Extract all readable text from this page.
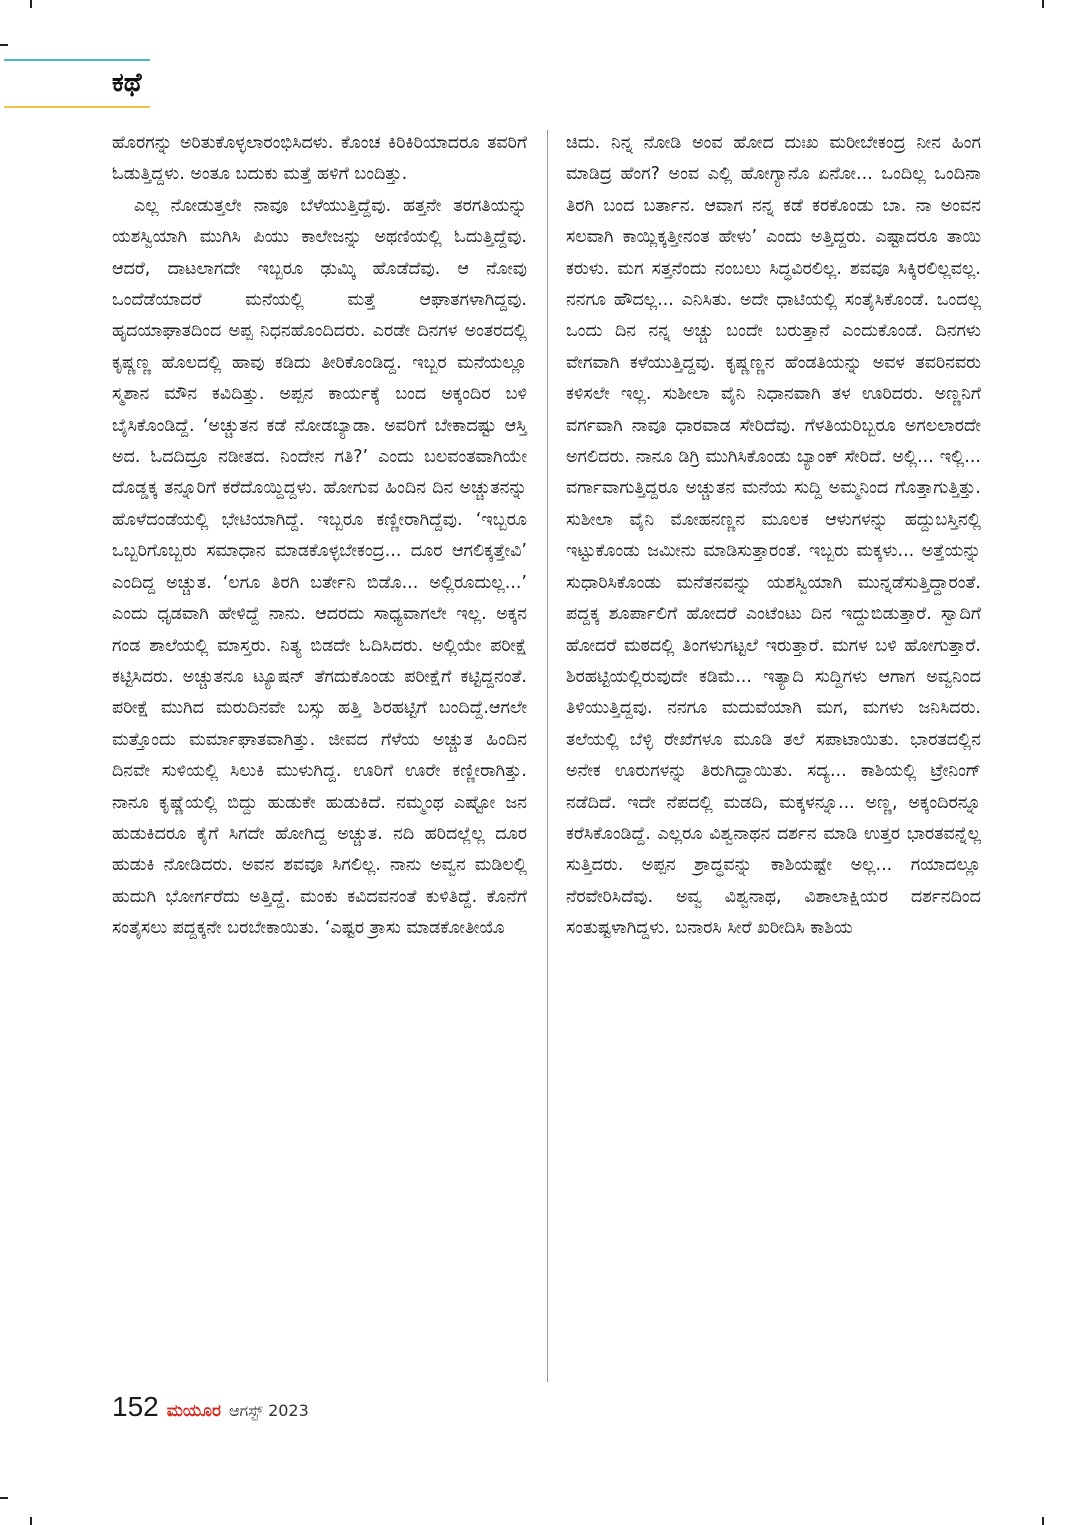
ಕಥೆ

ಹೊರಗನ್ನು ಅರಿತುಕೊಳ್ಳಲಾರಂಭಿಸಿದಳು. ಕೊಂಚ ಕಿರಿಕಿರಿಯಾದರೂ ತವರಿಗೆ ಓಡುತ್ತಿದ್ದಳು. ಅಂತೂ ಬದುಕು ಮತ್ತೆ ಹಳಿಗೆ ಬಂದಿತ್ತು.

ಎಲ್ಲ ನೋಡುತ್ತಲೇ ನಾವೂ ಬೆಳೆಯುತ್ತಿದ್ದೆವು. ಹತ್ತನೇ ತರಗತಿಯನ್ನು ಯಶಸ್ವಿಯಾಗಿ ಮುಗಿಸಿ ಪಿಯು ಕಾಲೇಜನ್ನು ಅಥಣಿಯಲ್ಲಿ ಓದುತ್ತಿದ್ದೆವು. ಆದರೆ, ದಾಟಲಾಗದೇ ಇಬ್ಬರೂ ಢುಮ್ಕಿ ಹೊಡೆದೆವು. ಆ ನೋವು ಒಂದೆಡೆಯಾದರೆ ಮನೆಯಲ್ಲಿ ಮತ್ತೆ ಆಘಾತಗಳಾಗಿದ್ದವು. ಹೃದಯಾಘಾತದಿಂದ ಅಪ್ಪ ನಿಧನಹೊಂದಿದರು. ಎರಡೇ ದಿನಗಳ ಅಂತರದಲ್ಲಿ ಕೃಷ್ಣಣ್ಣ ಹೊಲದಲ್ಲಿ ಹಾವು ಕಡಿದು ತೀರಿಕೊಂಡಿದ್ದ. ಇಬ್ಬರ ಮನೆಯಲ್ಲೂ ಸ್ಮಶಾನ ಮೌನ ಕವಿದಿತ್ತು. ಅಪ್ಪನ ಕಾರ್ಯಕ್ಕೆ ಬಂದ ಅಕ್ಕಂದಿರ ಬಳಿ ಬೈಸಿಕೊಂಡಿದ್ದೆ. ‘ಅಚ್ಚುತನ ಕಡೆ ನೋಡಬ್ಯಾಡಾ. ಅವರಿಗೆ ಬೇಕಾದಷ್ಟು ಆಸ್ತಿ ಅದ. ಓದದಿದ್ರೂ ನಡೀತದ. ನಿಂದೇನ ಗತಿ?’ ಎಂದು ಬಲವಂತವಾಗಿಯೇ ದೊಡ್ಡಕ್ಕ ತನ್ನೂರಿಗೆ ಕರೆದೊಯ್ದಿದ್ದಳು. ಹೋಗುವ ಹಿಂದಿನ ದಿನ ಅಚ್ಚುತನನ್ನು ಹೊಳೆದಂಡೆಯಲ್ಲಿ ಭೇಟಿಯಾಗಿದ್ದೆ. ಇಬ್ಬರೂ ಕಣ್ಣೀರಾಗಿದ್ದೆವು. ‘ಇಬ್ಬರೂ ಒಬ್ಬರಿಗೊಬ್ಬರು ಸಮಾಧಾನ ಮಾಡಕೊಳ್ಳಬೇಕಂದ್ರ... ದೂರ ಆಗಲಿಕ್ಕತ್ತೇವಿ’ ಎಂದಿದ್ದ ಅಚ್ಚುತ. ‘ಲಗೂ ತಿರಗಿ ಬರ್ತೇನಿ ಬಿಡೊ... ಅಲ್ಲಿರೂದುಲ್ಲ...’ ಎಂದು ಧೃಡವಾಗಿ ಹೇಳಿದ್ದೆ ನಾನು. ಆದರದು ಸಾಧ್ಯವಾಗಲೇ ಇಲ್ಲ. ಅಕ್ಕನ ಗಂಡ ಶಾಲೆಯಲ್ಲಿ ಮಾಸ್ತರು. ನಿತ್ಯ ಬಿಡದೇ ಓದಿಸಿದರು. ಅಲ್ಲಿಯೇ ಪರೀಕ್ಷೆ ಕಟ್ಟಿಸಿದರು. ಅಚ್ಚುತನೂ ಟ್ಯೂಷನ್ ತೆಗದುಕೊಂಡು ಪರೀಕ್ಷೆಗೆ ಕಟ್ಟಿದ್ದನಂತೆ. ಪರೀಕ್ಷೆ ಮುಗಿದ ಮರುದಿನವೇ ಬಸ್ಸು ಹತ್ತಿ ಶಿರಹಟ್ಟಿಗೆ ಬಂದಿದ್ದೆ.ಆಗಲೇ ಮತ್ತೊಂದು ಮರ್ಮಾಘಾತವಾಗಿತ್ತು. ಜೀವದ ಗೆಳೆಯ ಅಚ್ಚುತ ಹಿಂದಿನ ದಿನವೇ ಸುಳಿಯಲ್ಲಿ ಸಿಲುಕಿ ಮುಳುಗಿದ್ದ. ಊರಿಗೆ ಊರೇ ಕಣ್ಣೀರಾಗಿತ್ತು. ನಾನೂ ಕೃಷ್ಣೆಯಲ್ಲಿ ಬಿದ್ದು ಹುಡುಕೇ ಹುಡುಕಿದೆ. ನಮ್ಮಂಥ ಎಷ್ಟೋ ಜನ ಹುಡುಕಿದರೂ ಕೈಗೆ ಸಿಗದೇ ಹೋಗಿದ್ದ ಅಚ್ಚುತ. ನದಿ ಹರಿದಲ್ಲೆಲ್ಲ ದೂರ ಹುಡುಕಿ ನೋಡಿದರು. ಅವನ ಶವವೂ ಸಿಗಲಿಲ್ಲ. ನಾನು ಅವ್ವನ ಮಡಿಲಲ್ಲಿ ಹುದುಗಿ ಭೋರ್ಗರೆದು ಅತ್ತಿದ್ದೆ. ಮಂಕು ಕವಿದವನಂತೆ ಕುಳಿತಿದ್ದೆ. ಕೊನೆಗೆ ಸಂತೈಸಲು ಪದ್ದಕ್ಕನೇ ಬರಬೇಕಾಯಿತು. ‘ಎಷ್ಟರ ತ್ರಾಸು ಮಾಡಕೋತೀಯೊ

ಚಿದು. ನಿನ್ನ ನೋಡಿ ಅಂವ ಹೋದ ದುಃಖ ಮರೀಬೇಕಂದ್ರ ನೀನ ಹಿಂಗ ಮಾಡಿದ್ರ ಹೆಂಗ? ಅಂವ ಎಲ್ಲಿ ಹೋಗ್ಯಾನೊ ಏನೋ... ಒಂದಿಲ್ಲ ಒಂದಿನಾ ತಿರಗಿ ಬಂದ ಬರ್ತಾನ. ಆವಾಗ ನನ್ನ ಕಡೆ ಕರಕೊಂಡು ಬಾ. ನಾ ಅಂವನ ಸಲವಾಗಿ ಕಾಯ್ಲಿಕ್ಕತ್ತೀನಂತ ಹೇಳು’ ಎಂದು ಅತ್ತಿದ್ದರು. ಎಷ್ಟಾದರೂ ತಾಯಿ ಕರುಳು. ಮಗ ಸತ್ತನೆಂದು ನಂಬಲು ಸಿದ್ಧವಿರಲಿಲ್ಲ. ಶವವೂ ಸಿಕ್ಕಿರಲಿಲ್ಲವಲ್ಲ. ನನಗೂ ಹೌದಲ್ಲ... ಎನಿಸಿತು. ಅದೇ ಧಾಟಿಯಲ್ಲಿ ಸಂತೈಸಿಕೊಂಡೆ. ಒಂದಲ್ಲ ಒಂದು ದಿನ ನನ್ನ ಅಚ್ಚು ಬಂದೇ ಬರುತ್ತಾನೆ ಎಂದುಕೊಂಡೆ. ದಿನಗಳು ವೇಗವಾಗಿ ಕಳೆಯುತ್ತಿದ್ದವು. ಕೃಷ್ಣಣ್ಣನ ಹೆಂಡತಿಯನ್ನು ಅವಳ ತವರಿನವರು ಕಳಿಸಲೇ ಇಲ್ಲ. ಸುಶೀಲಾ ವೈನಿ ನಿಧಾನವಾಗಿ ತಳ ಊರಿದರು. ಅಣ್ಣನಿಗೆ ವರ್ಗವಾಗಿ ನಾವೂ ಧಾರವಾಡ ಸೇರಿದೆವು. ಗೆಳತಿಯರಿಬ್ಬರೂ ಅಗಲಲಾರದೇ ಅಗಲಿದರು. ನಾನೂ ಡಿಗ್ರಿ ಮುಗಿಸಿಕೊಂಡು ಬ್ಯಾಂಕ್ ಸೇರಿದೆ. ಅಲ್ಲಿ... ಇಲ್ಲಿ... ವರ್ಗಾವಾಗುತ್ತಿದ್ದರೂ ಅಚ್ಚುತನ ಮನೆಯ ಸುದ್ದಿ ಅಮ್ಮನಿಂದ ಗೊತ್ತಾಗುತ್ತಿತ್ತು. ಸುಶೀಲಾ ವೈನಿ ಮೋಹನಣ್ಣನ ಮೂಲಕ ಆಳುಗಳನ್ನು ಹದ್ದುಬಸ್ತಿನಲ್ಲಿ ಇಟ್ಟುಕೊಂಡು ಜಮೀನು ಮಾಡಿಸುತ್ತಾರಂತೆ. ಇಬ್ಬರು ಮಕ್ಕಳು... ಅತ್ತೆಯನ್ನು ಸುಧಾರಿಸಿಕೊಂಡು ಮನೆತನವನ್ನು ಯಶಸ್ವಿಯಾಗಿ ಮುನ್ನಡೆಸುತ್ತಿದ್ದಾರಂತೆ. ಪದ್ದಕ್ಕ ಶೂರ್ಪಾಲಿಗೆ ಹೋದರೆ ಎಂಟೆಂಟು ದಿನ ಇದ್ದುಬಿಡುತ್ತಾರೆ. ಸ್ವಾದಿಗೆ ಹೋದರೆ ಮಠದಲ್ಲಿ ತಿಂಗಳುಗಟ್ಟಲೆ ಇರುತ್ತಾರೆ. ಮಗಳ ಬಳಿ ಹೋಗುತ್ತಾರೆ. ಶಿರಹಟ್ಟಿಯಲ್ಲಿರುವುದೇ ಕಡಿಮೆ... ಇತ್ಯಾದಿ ಸುದ್ದಿಗಳು ಆಗಾಗ ಅವ್ವನಿಂದ ತಿಳಿಯುತ್ತಿದ್ದವು. ನನಗೂ ಮದುವೆಯಾಗಿ ಮಗ, ಮಗಳು ಜನಿಸಿದರು. ತಲೆಯಲ್ಲಿ ಬೆಳ್ಳಿ ರೇಖೆಗಳೂ ಮೂಡಿ ತಲೆ ಸಪಾಟಾಯಿತು. ಭಾರತದಲ್ಲಿನ ಅನೇಕ ಊರುಗಳನ್ನು ತಿರುಗಿದ್ದಾಯಿತು. ಸದ್ಯ... ಕಾಶಿಯಲ್ಲಿ ಟ್ರೇನಿಂಗ್ ನಡೆದಿದೆ. ಇದೇ ನೆಪದಲ್ಲಿ ಮಡದಿ, ಮಕ್ಕಳನ್ನೂ... ಅಣ್ಣ, ಅಕ್ಕಂದಿರನ್ನೂ ಕರೆಸಿಕೊಂಡಿದ್ದೆ. ಎಲ್ಲರೂ ವಿಶ್ವನಾಥನ ದರ್ಶನ ಮಾಡಿ ಉತ್ತರ ಭಾರತವನ್ನೆಲ್ಲ ಸುತ್ತಿದರು. ಅಪ್ಪನ ಶ್ರಾದ್ಧವನ್ನು ಕಾಶಿಯಷ್ಟೇ ಅಲ್ಲ... ಗಯಾದಲ್ಲೂ ನೆರವೇರಿಸಿದೆವು. ಅವ್ವ ವಿಶ್ವನಾಥ, ವಿಶಾಲಾಕ್ಷಿಯರ ದರ್ಶನದಿಂದ ಸಂತುಷ್ಟಳಾಗಿದ್ದಳು. ಬನಾರಸಿ ಸೀರೆ ಖರೀದಿಸಿ ಕಾಶಿಯ

152 ಮಯೂರ ಆಗಸ್ಟ್ 2023
